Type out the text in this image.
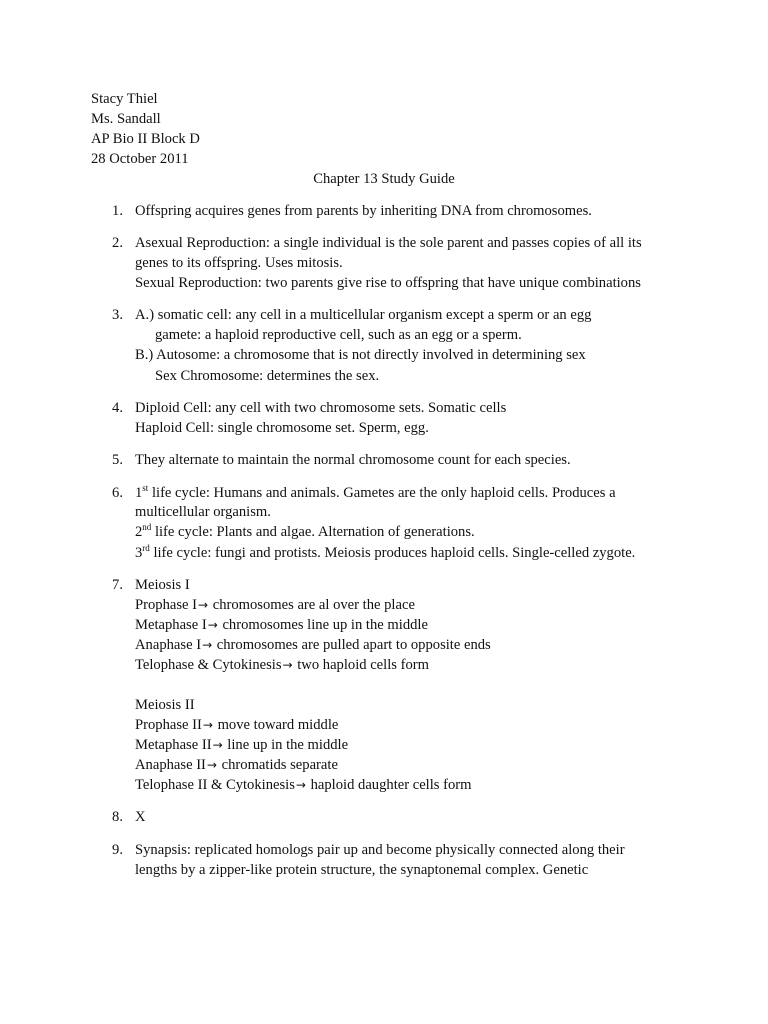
Stacy Thiel
Ms. Sandall
AP Bio II Block D
28 October 2011
Chapter 13 Study Guide
1. Offspring acquires genes from parents by inheriting DNA from chromosomes.
2. Asexual Reproduction: a single individual is the sole parent and passes copies of all its
genes to its offspring. Uses mitosis.
Sexual Reproduction: two parents give rise to offspring that have unique combinations
3. A.) somatic cell: any cell in a multicellular organism except a sperm or an egg
gamete: a haploid reproductive cell, such as an egg or a sperm.
B.) Autosome: a chromosome that is not directly involved in determining sex
Sex Chromosome: determines the sex.
4. Diploid Cell: any cell with two chromosome sets. Somatic cells
Haploid Cell: single chromosome set. Sperm, egg.
5. They alternate to maintain the normal chromosome count for each species.
6. 1st life cycle: Humans and animals. Gametes are the only haploid cells. Produces a
multicellular organism.
2nd life cycle: Plants and algae. Alternation of generations.
3rd life cycle: fungi and protists. Meiosis produces haploid cells. Single-celled zygote.
7. Meiosis I
Prophase I→ chromosomes are al over the place
Metaphase I→ chromosomes line up in the middle
Anaphase I→ chromosomes are pulled apart to opposite ends
Telophase & Cytokinesis→ two haploid cells form
Meiosis II
Prophase II→ move toward middle
Metaphase II→ line up in the middle
Anaphase II→ chromatids separate
Telophase II & Cytokinesis→ haploid daughter cells form
8. X
9. Synapsis: replicated homologs pair up and become physically connected along their
lengths by a zipper-like protein structure, the synaptonemal complex. Genetic
